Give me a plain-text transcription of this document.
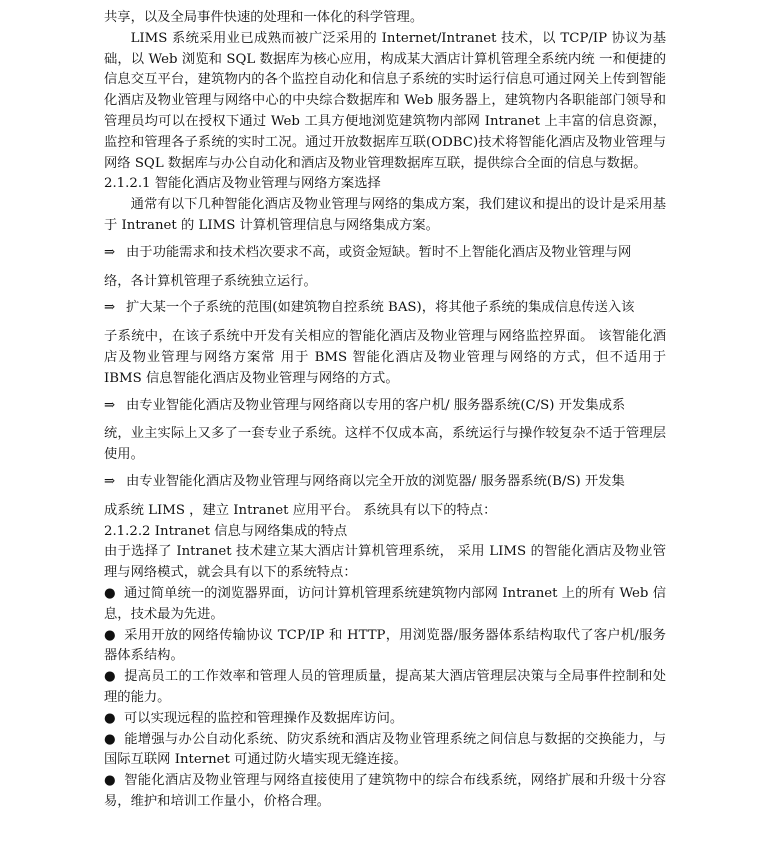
共享，以及全局事件快速的处理和一体化的科学管理。

LIMS 系统采用业已成熟而被广泛采用的 Internet/Intranet 技术，以 TCP/IP 协议为基础，以 Web 浏览和 SQL 数据库为核心应用，构成某大酒店计算机管理全系统内统 一和便捷的信息交互平台，建筑物内的各个监控自动化和信息子系统的实时运行信息可通过网关上传到智能化酒店及物业管理与网络中心的中央综合数据库和 Web 服务器上，建筑物内各职能部门领导和管理员均可以在授权下通过 Web 工具方便地浏览建筑物内部网 Intranet 上丰富的信息资源，监控和管理各子系统的实时工况。通过开放数据库互联(ODBC)技术将智能化酒店及物业管理与网络 SQL 数据库与办公自动化和酒店及物业管理数据库互联，提供综合全面的信息与数据。

2.1.2.1 智能化酒店及物业管理与网络方案选择

通常有以下几种智能化酒店及物业管理与网络的集成方案，我们建议和提出的设计是采用基于 Intranet 的 LIMS 计算机管理信息与网络集成方案。

⇒ 由于功能需求和技术档次要求不高，或资金短缺。暂时不上智能化酒店及物业管理与网

络，各计算机管理子系统独立运行。

⇒ 扩大某一个子系统的范围(如建筑物自控系统 BAS)，将其他子系统的集成信息传送入该

子系统中，在该子系统中开发有关相应的智能化酒店及物业管理与网络监控界面。 该智能化酒店及物业管理与网络方案常 用于 BMS 智能化酒店及物业管理与网络的方式，但不适用于 IBMS 信息智能化酒店及物业管理与网络的方式。

⇒ 由专业智能化酒店及物业管理与网络商以专用的客户机/ 服务器系统(C/S) 开发集成系

统，业主实际上又多了一套专业子系统。这样不仅成本高，系统运行与操作较复杂不适于管理层使用。

⇒ 由专业智能化酒店及物业管理与网络商以完全开放的浏览器/ 服务器系统(B/S) 开发集

成系统 LIMS ，建立 Intranet 应用平台。 系统具有以下的特点：

2.1.2.2 Intranet 信息与网络集成的特点

由于选择了 Intranet 技术建立某大酒店计算机管理系统， 采用 LIMS 的智能化酒店及物业管理与网络模式，就会具有以下的系统特点：

● 通过简单统一的浏览器界面，访问计算机管理系统建筑物内部网 Intranet 上的所有 Web 信息，技术最为先进。

● 采用开放的网络传输协议 TCP/IP 和 HTTP，用浏览器/服务器体系结构取代了客户机/服务器体系结构。

● 提高员工的工作效率和管理人员的管理质量，提高某大酒店管理层决策与全局事件控制和处理的能力。

● 可以实现远程的监控和管理操作及数据库访问。

● 能增强与办公自动化系统、防灾系统和酒店及物业管理系统之间信息与数据的交换能力，与国际互联网 Internet 可通过防火墙实现无缝连接。

● 智能化酒店及物业管理与网络直接使用了建筑物中的综合布线系统，网络扩展和升级十分容易，维护和培训工作量小，价格合理。
